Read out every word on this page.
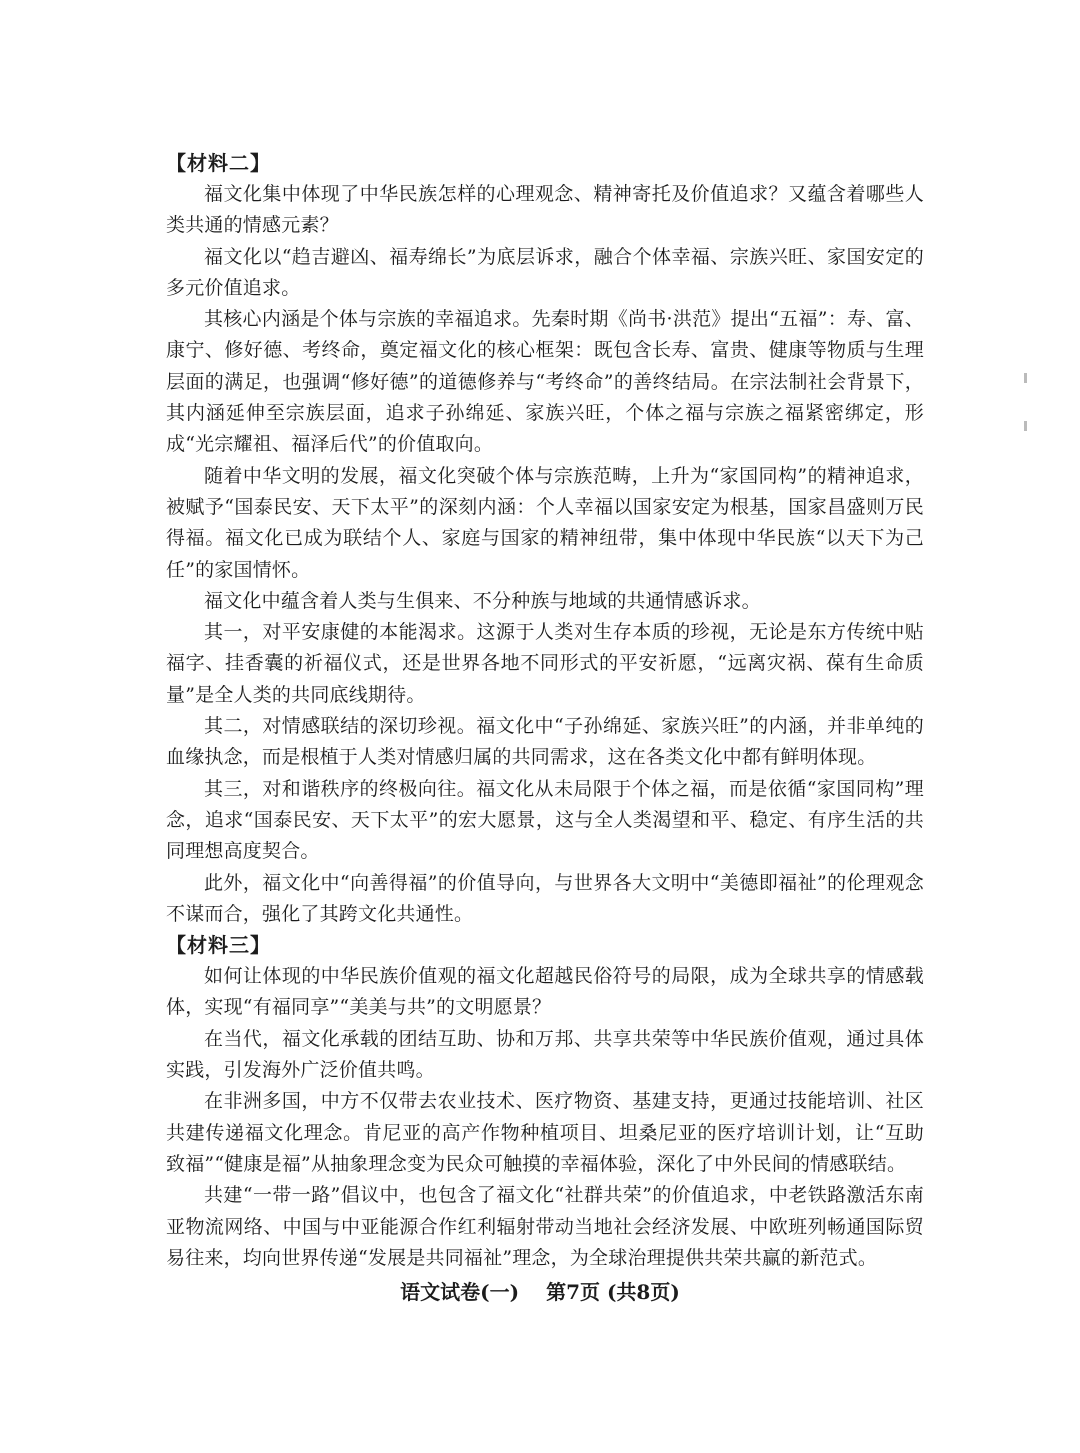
【材料二】

福文化集中体现了中华民族怎样的心理观念、精神寄托及价值追求？又蕴含着哪些人类共通的情感元素？

福文化以“趋吉避凶、福寿绵长”为底层诉求，融合个体幸福、宗族兴旺、家国安定的多元价值追求。

其核心内涵是个体与宗族的幸福追求。先秦时期《尚书·洪范》提出“五福”：寿、富、康宁、修好德、考终命，奠定福文化的核心框架：既包含长寿、富贵、健康等物质与生理层面的满足，也强调“修好德”的道德修养与“考终命”的善终结局。在宗法制社会背景下，其内涵延伸至宗族层面，追求子孙绵延、家族兴旺，个体之福与宗族之福紧密绑定，形成“光宗耀祖、福泽后代”的价值取向。

随着中华文明的发展，福文化突破个体与宗族范畴，上升为“家国同构”的精神追求，被赋予“国泰民安、天下太平”的深刻内涵：个人幸福以国家安定为根基，国家昌盛则万民得福。福文化已成为联结个人、家庭与国家的精神纽带，集中体现中华民族“以天下为己任”的家国情怀。

福文化中蕴含着人类与生俱来、不分种族与地域的共通情感诉求。

其一，对平安康健的本能渴求。这源于人类对生存本质的珍视，无论是东方传统中贴福字、挂香囊的祈福仪式，还是世界各地不同形式的平安祈愿，“远离灾祸、葆有生命质量”是全人类的共同底线期待。

其二，对情感联结的深切珍视。福文化中“子孙绵延、家族兴旺”的内涵，并非单纯的血缘执念，而是根植于人类对情感归属的共同需求，这在各类文化中都有鲜明体现。

其三，对和谐秩序的终极向往。福文化从未局限于个体之福，而是依循“家国同构”理念，追求“国泰民安、天下太平”的宏大愿景，这与全人类渴望和平、稳定、有序生活的共同理想高度契合。

此外，福文化中“向善得福”的价值导向，与世界各大文明中“美德即福祉”的伦理观念不谋而合，强化了其跨文化共通性。

【材料三】

如何让体现的中华民族价值观的福文化超越民俗符号的局限，成为全球共享的情感载体，实现“有福同享”“美美与共”的文明愿景？

在当代，福文化承载的团结互助、协和万邦、共享共荣等中华民族价值观，通过具体实践，引发海外广泛价值共鸣。

在非洲多国，中方不仅带去农业技术、医疗物资、基建支持，更通过技能培训、社区共建传递福文化理念。肯尼亚的高产作物种植项目、坦桑尼亚的医疗培训计划，让“互助致福”“健康是福”从抽象理念变为民众可触摸的幸福体验，深化了中外民间的情感联结。

共建“一带一路”倡议中，也包含了福文化“社群共荣”的价值追求，中老铁路激活东南亚物流网络、中国与中亚能源合作红利辐射带动当地社会经济发展、中欧班列畅通国际贸易往来，均向世界传递“发展是共同福祉”理念，为全球治理提供共荣共赢的新范式。

语文试卷(一) 第7页 (共8页)
